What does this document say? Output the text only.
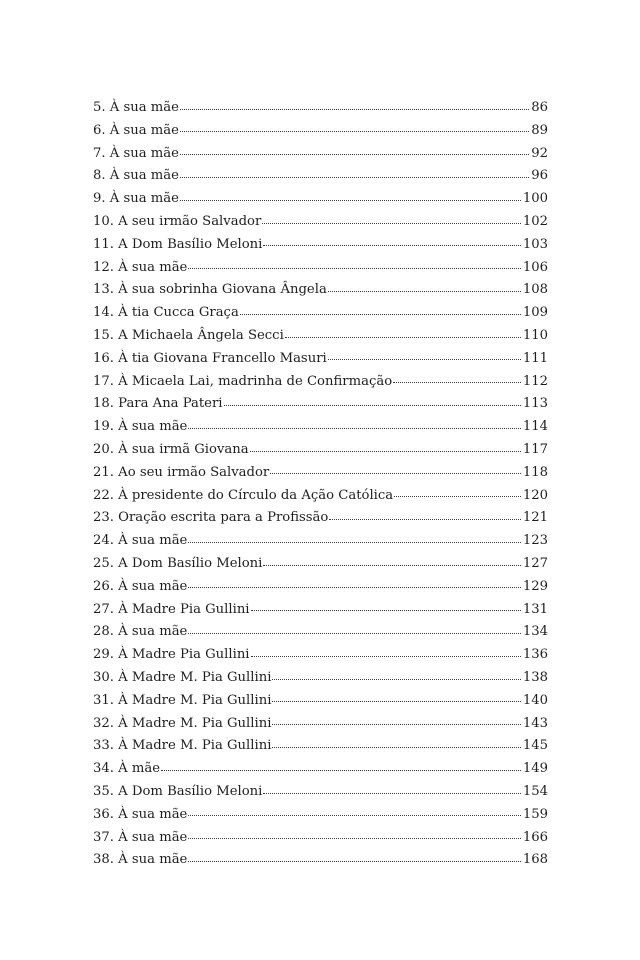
5. À sua mãe	86
6. À sua mãe	89
7. À sua mãe	92
8. À sua mãe	96
9. À sua mãe	100
10. A seu irmão Salvador	102
11. A Dom Basílio Meloni	103
12. À sua mãe	106
13. À sua sobrinha Giovana Ângela	108
14. À tia Cucca Graça	109
15. A Michaela Ângela Secci	110
16. À tia Giovana Francello Masuri	111
17. À Micaela Lai, madrinha de Confirmação	112
18. Para Ana Pateri	113
19. À sua mãe	114
20. À sua irmã Giovana	117
21. Ao seu irmão Salvador	118
22. À presidente do Círculo da Ação Católica	120
23. Oração escrita para a Profissão	121
24. À sua mãe	123
25. A Dom Basílio Meloni	127
26. À sua mãe	129
27. À Madre Pia Gullini	131
28. À sua mãe	134
29. À Madre Pia Gullini	136
30. À Madre M. Pia Gullini	138
31. À Madre M. Pia Gullini	140
32. À Madre M. Pia Gullini	143
33. À Madre M. Pia Gullini	145
34. À mãe	149
35. A Dom Basílio Meloni	154
36. À sua mãe	159
37. À sua mãe	166
38. À sua mãe	168
